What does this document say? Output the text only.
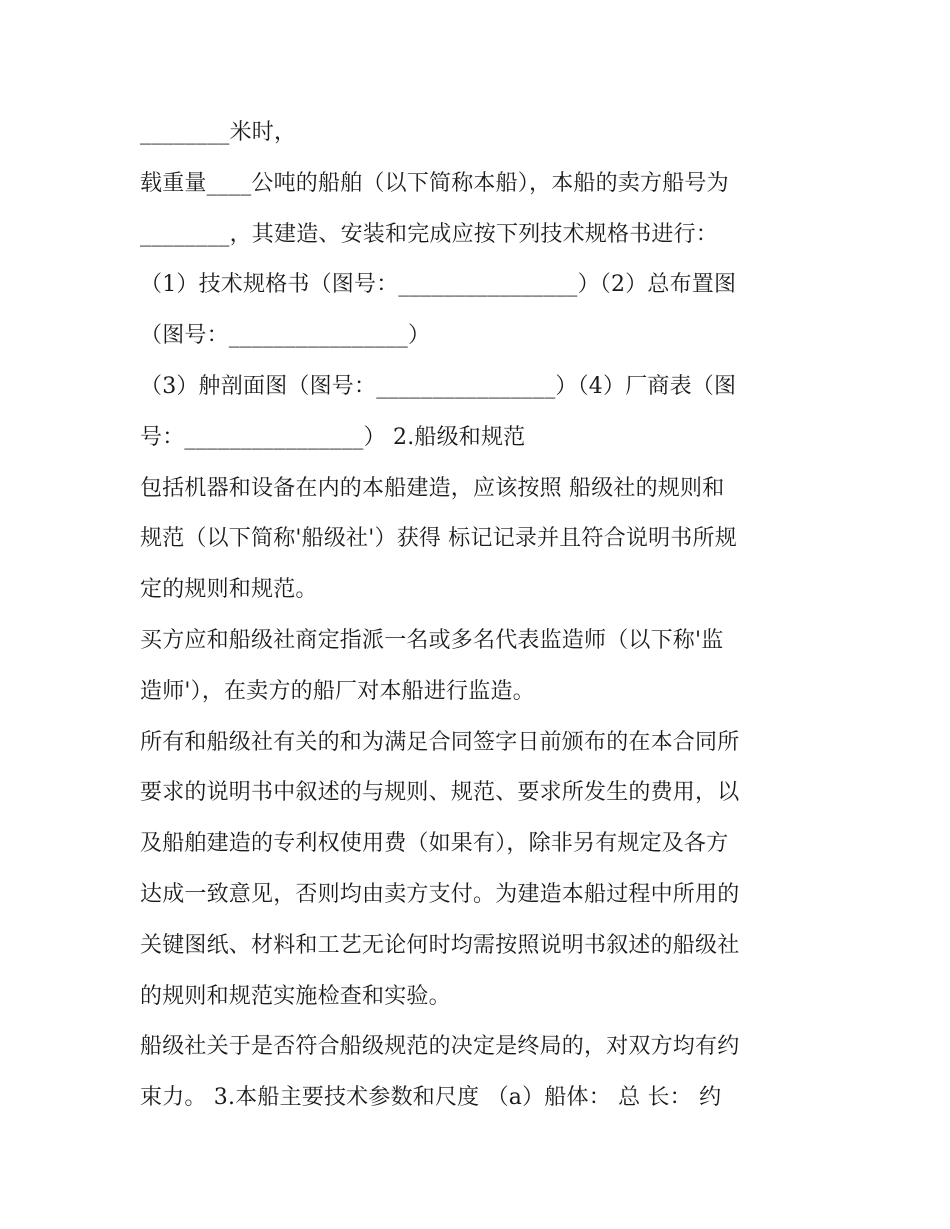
________米时，
载重量____公吨的船舶（以下简称本船），本船的卖方船号为
________，其建造、安装和完成应按下列技术规格书进行：
（1）技术规格书（图号：________________）（2）总布置图
（图号：________________）
（3）舯剖面图（图号：________________）（4）厂商表（图
号：________________） 2.船级和规范
包括机器和设备在内的本船建造，应该按照 船级社的规则和
规范（以下简称'船级社'）获得 标记记录并且符合说明书所规
定的规则和规范。
买方应和船级社商定指派一名或多名代表监造师（以下称'监
造师'），在卖方的船厂对本船进行监造。
所有和船级社有关的和为满足合同签字日前颁布的在本合同所
要求的说明书中叙述的与规则、规范、要求所发生的费用，以
及船舶建造的专利权使用费（如果有），除非另有规定及各方
达成一致意见，否则均由卖方支付。为建造本船过程中所用的
关键图纸、材料和工艺无论何时均需按照说明书叙述的船级社
的规则和规范实施检查和实验。
船级社关于是否符合船级规范的决定是终局的，对双方均有约
束力。 3.本船主要技术参数和尺度 （a）船体： 总 长： 约
